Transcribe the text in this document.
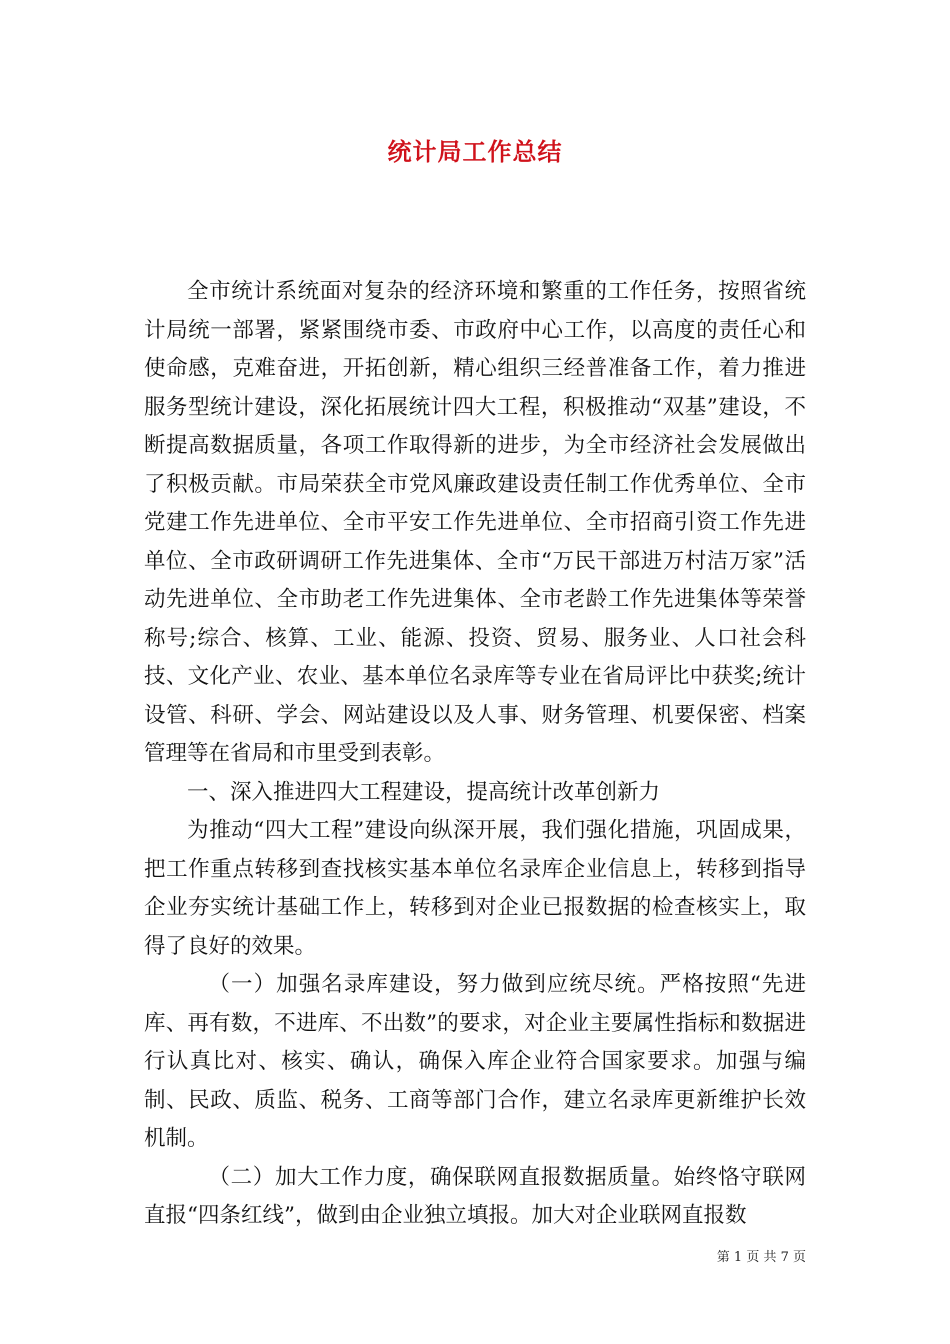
统计局工作总结

全市统计系统面对复杂的经济环境和繁重的工作任务，按照省统计局统一部署，紧紧围绕市委、市政府中心工作，以高度的责任心和使命感，克难奋进，开拓创新，精心组织三经普准备工作，着力推进服务型统计建设，深化拓展统计四大工程，积极推动“双基”建设，不断提高数据质量，各项工作取得新的进步，为全市经济社会发展做出了积极贡献。市局荣获全市党风廉政建设责任制工作优秀单位、全市党建工作先进单位、全市平安工作先进单位、全市招商引资工作先进单位、全市政研调研工作先进集体、全市“万民干部进万村洁万家”活动先进单位、全市助老工作先进集体、全市老龄工作先进集体等荣誉称号;综合、核算、工业、能源、投资、贸易、服务业、人口社会科技、文化产业、农业、基本单位名录库等专业在省局评比中获奖;统计设管、科研、学会、网站建设以及人事、财务管理、机要保密、档案管理等在省局和市里受到表彰。

一、深入推进四大工程建设，提高统计改革创新力

为推动“四大工程”建设向纵深开展，我们强化措施，巩固成果，把工作重点转移到查找核实基本单位名录库企业信息上，转移到指导企业夯实统计基础工作上，转移到对企业已报数据的检查核实上，取得了良好的效果。

（一）加强名录库建设，努力做到应统尽统。严格按照“先进库、再有数，不进库、不出数”的要求，对企业主要属性指标和数据进行认真比对、核实、确认，确保入库企业符合国家要求。加强与编制、民政、质监、税务、工商等部门合作，建立名录库更新维护长效机制。

（二）加大工作力度，确保联网直报数据质量。始终恪守联网直报“四条红线”，做到由企业独立填报。加大对企业联网直报数

第 1 页 共 7 页
